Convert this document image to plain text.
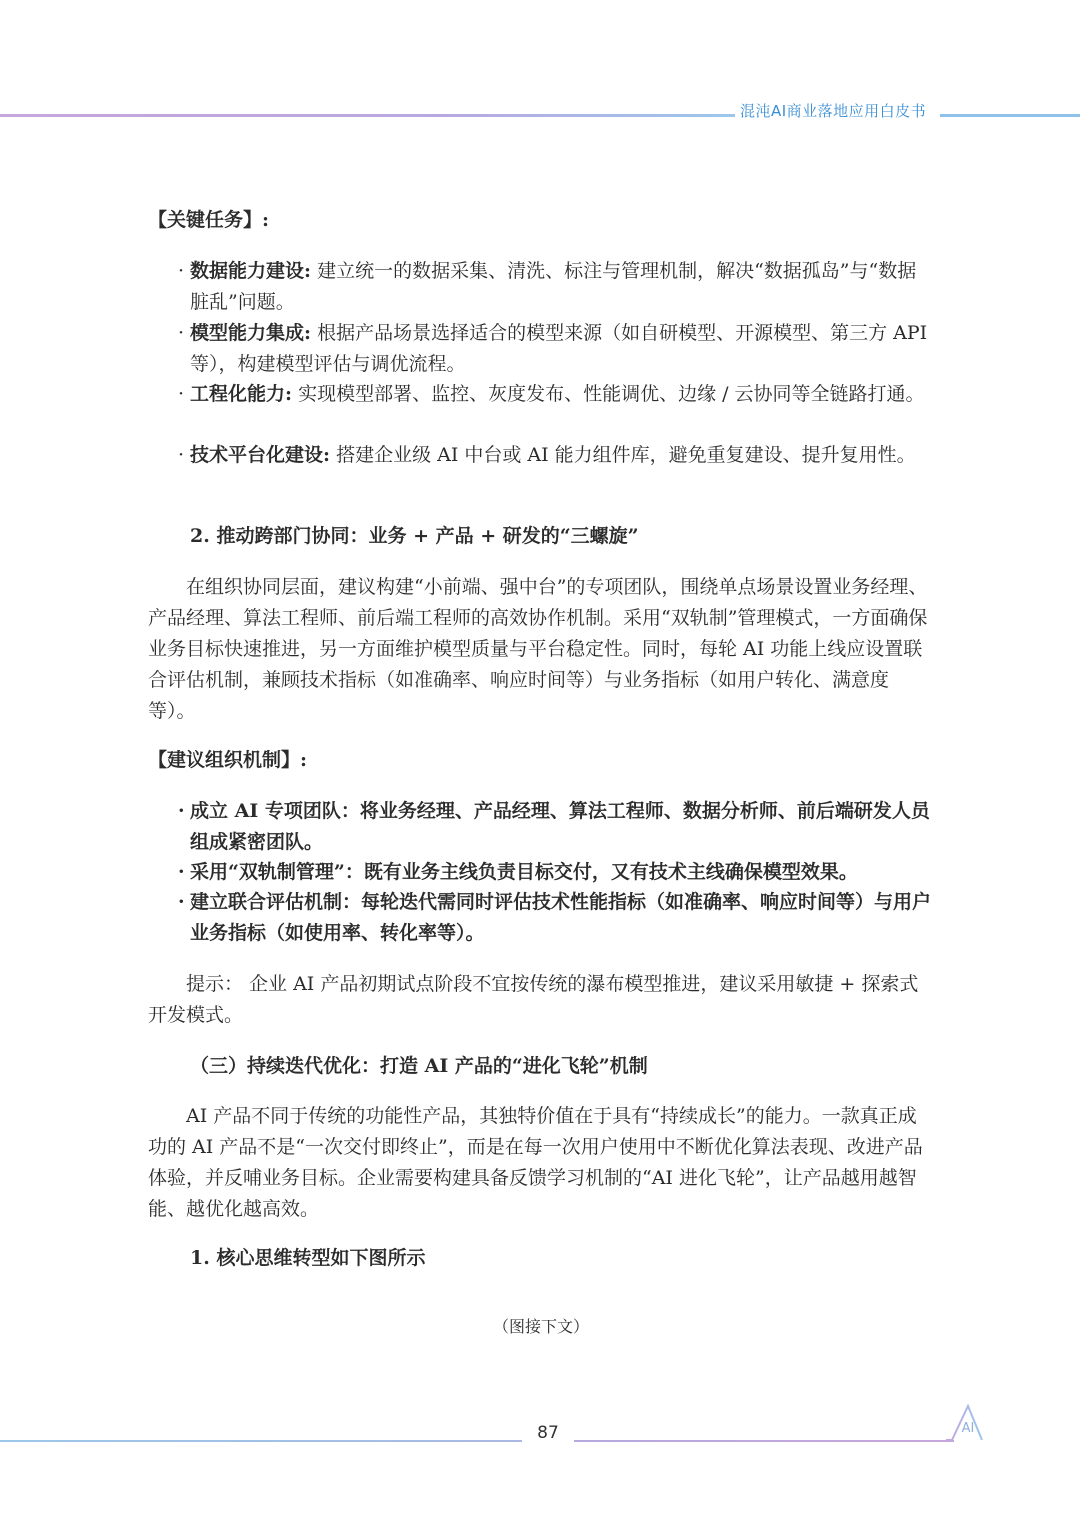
混沌AI商业落地应用白皮书
【关键任务】:
· 数据能力建设: 建立统一的数据采集、清洗、标注与管理机制，解决“数据孤岛”与“数据脏乱”问题。
· 模型能力集成: 根据产品场景选择适合的模型来源（如自研模型、开源模型、第三方 API 等），构建模型评估与调优流程。
· 工程化能力: 实现模型部署、监控、灰度发布、性能调优、边缘 / 云协同等全链路打通。
· 技术平台化建设: 搭建企业级 AI 中台或 AI 能力组件库，避免重复建设、提升复用性。
2. 推动跨部门协同：业务 + 产品 + 研发的“三螺旋”

在组织协同层面，建议构建“小前端、强中台”的专项团队，围绕单点场景设置业务经理、产品经理、算法工程师、前后端工程师的高效协作机制。采用“双轨制”管理模式，一方面确保业务目标快速推进，另一方面维护模型质量与平台稳定性。同时，每轮 AI 功能上线应设置联合评估机制，兼顾技术指标（如准确率、响应时间等）与业务指标（如用户转化、满意度等）。

【建议组织机制】:
· 成立 AI 专项团队：将业务经理、产品经理、算法工程师、数据分析师、前后端研发人员组成紧密团队。
· 采用“双轨制管理”：既有业务主线负责目标交付，又有技术主线确保模型效果。
· 建立联合评估机制：每轮迭代需同时评估技术性能指标（如准确率、响应时间等）与用户业务指标（如使用率、转化率等）。

提示： 企业 AI 产品初期试点阶段不宜按传统的瀑布模型推进，建议采用敏捷 + 探索式开发模式。

（三）持续迭代优化：打造 AI 产品的“进化飞轮”机制

AI 产品不同于传统的功能性产品，其独特价值在于具有“持续成长”的能力。一款真正成功的 AI 产品不是“一次交付即终止”，而是在每一次用户使用中不断优化算法表现、改进产品体验，并反哺业务目标。企业需要构建具备反馈学习机制的“AI 进化飞轮”，让产品越用越智能、越优化越高效。

1. 核心思维转型如下图所示
（图接下文）
87	AI
